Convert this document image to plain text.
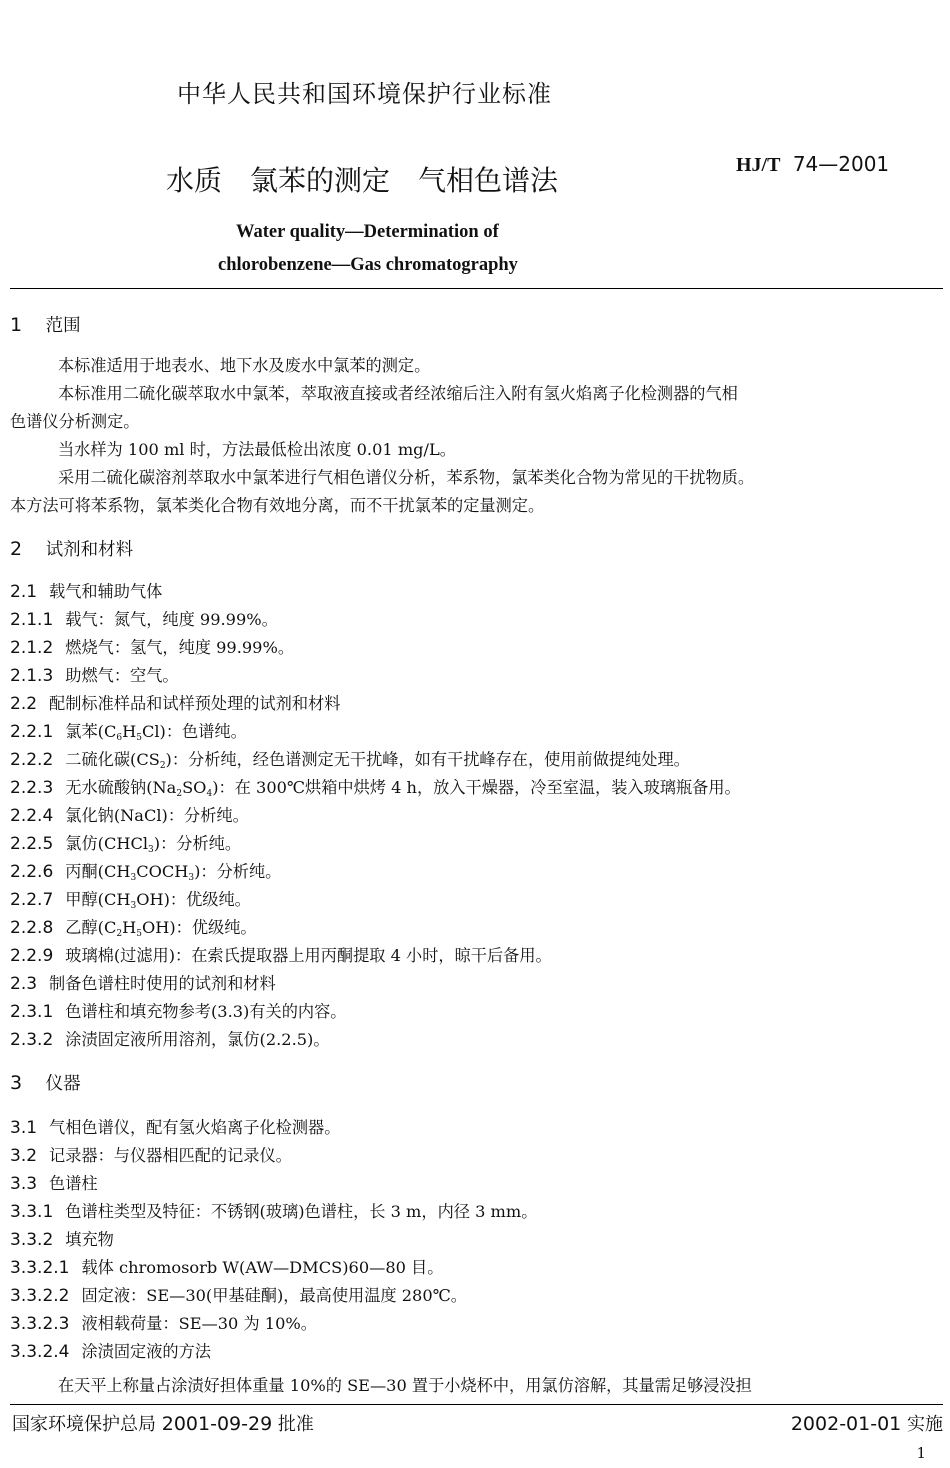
中华人民共和国环境保护行业标准
水质　氯苯的测定　气相色谱法	HJ/T 74—2001
Water quality—Determination of
chlorobenzene—Gas chromatography
1 范围
本标准适用于地表水、地下水及废水中氯苯的测定。
本标准用二硫化碳萃取水中氯苯，萃取液直接或者经浓缩后注入附有氢火焰离子化检测器的气相
色谱仪分析测定。
当水样为 100 ml 时，方法最低检出浓度 0.01 mg/L。
采用二硫化碳溶剂萃取水中氯苯进行气相色谱仪分析，苯系物，氯苯类化合物为常见的干扰物质。
本方法可将苯系物，氯苯类化合物有效地分离，而不干扰氯苯的定量测定。
2 试剂和材料
2.1 载气和辅助气体
2.1.1 载气：氮气，纯度 99.99%。
2.1.2 燃烧气：氢气，纯度 99.99%。
2.1.3 助燃气：空气。
2.2 配制标准样品和试样预处理的试剂和材料
2.2.1 氯苯$(C_6H_5Cl)$：色谱纯。
2.2.2 二硫化碳$(CS_2)$：分析纯，经色谱测定无干扰峰，如有干扰峰存在，使用前做提纯处理。
2.2.3 无水硫酸钠$(Na_2SO_4)$：在 300℃烘箱中烘烤 4 h，放入干燥器，冷至室温，装入玻璃瓶备用。
2.2.4 氯化钠(NaCl)：分析纯。
2.2.5 氯仿(CHCl$_3$)：分析纯。
2.2.6 丙酮$(CH_3COCH_3)$：分析纯。
2.2.7 甲醇$(CH_3OH)$：优级纯。
2.2.8 乙醇$(C_2H_5OH)$：优级纯。
2.2.9 玻璃棉(过滤用)：在索氏提取器上用丙酮提取 4 小时，晾干后备用。
2.3 制备色谱柱时使用的试剂和材料
2.3.1 色谱柱和填充物参考(3.3)有关的内容。
2.3.2 涂渍固定液所用溶剂，氯仿(2.2.5)。
3 仪器
3.1 气相色谱仪，配有氢火焰离子化检测器。
3.2 记录器：与仪器相匹配的记录仪。
3.3 色谱柱
3.3.1 色谱柱类型及特征：不锈钢(玻璃)色谱柱，长 3 m，内径 3 mm。
3.3.2 填充物
3.3.2.1 载体 chromosorb W(AW—DMCS)60—80 目。
3.3.2.2 固定液：SE—30(甲基硅酮)，最高使用温度 280℃。
3.3.2.3 液相载荷量：SE—30 为 10%。
3.3.2.4 涂渍固定液的方法
在天平上称量占涂渍好担体重量 10%的 SE—30 置于小烧杯中，用氯仿溶解，其量需足够浸没担
国家环境保护总局 2001-09-29 批准	2002-01-01 实施
1
